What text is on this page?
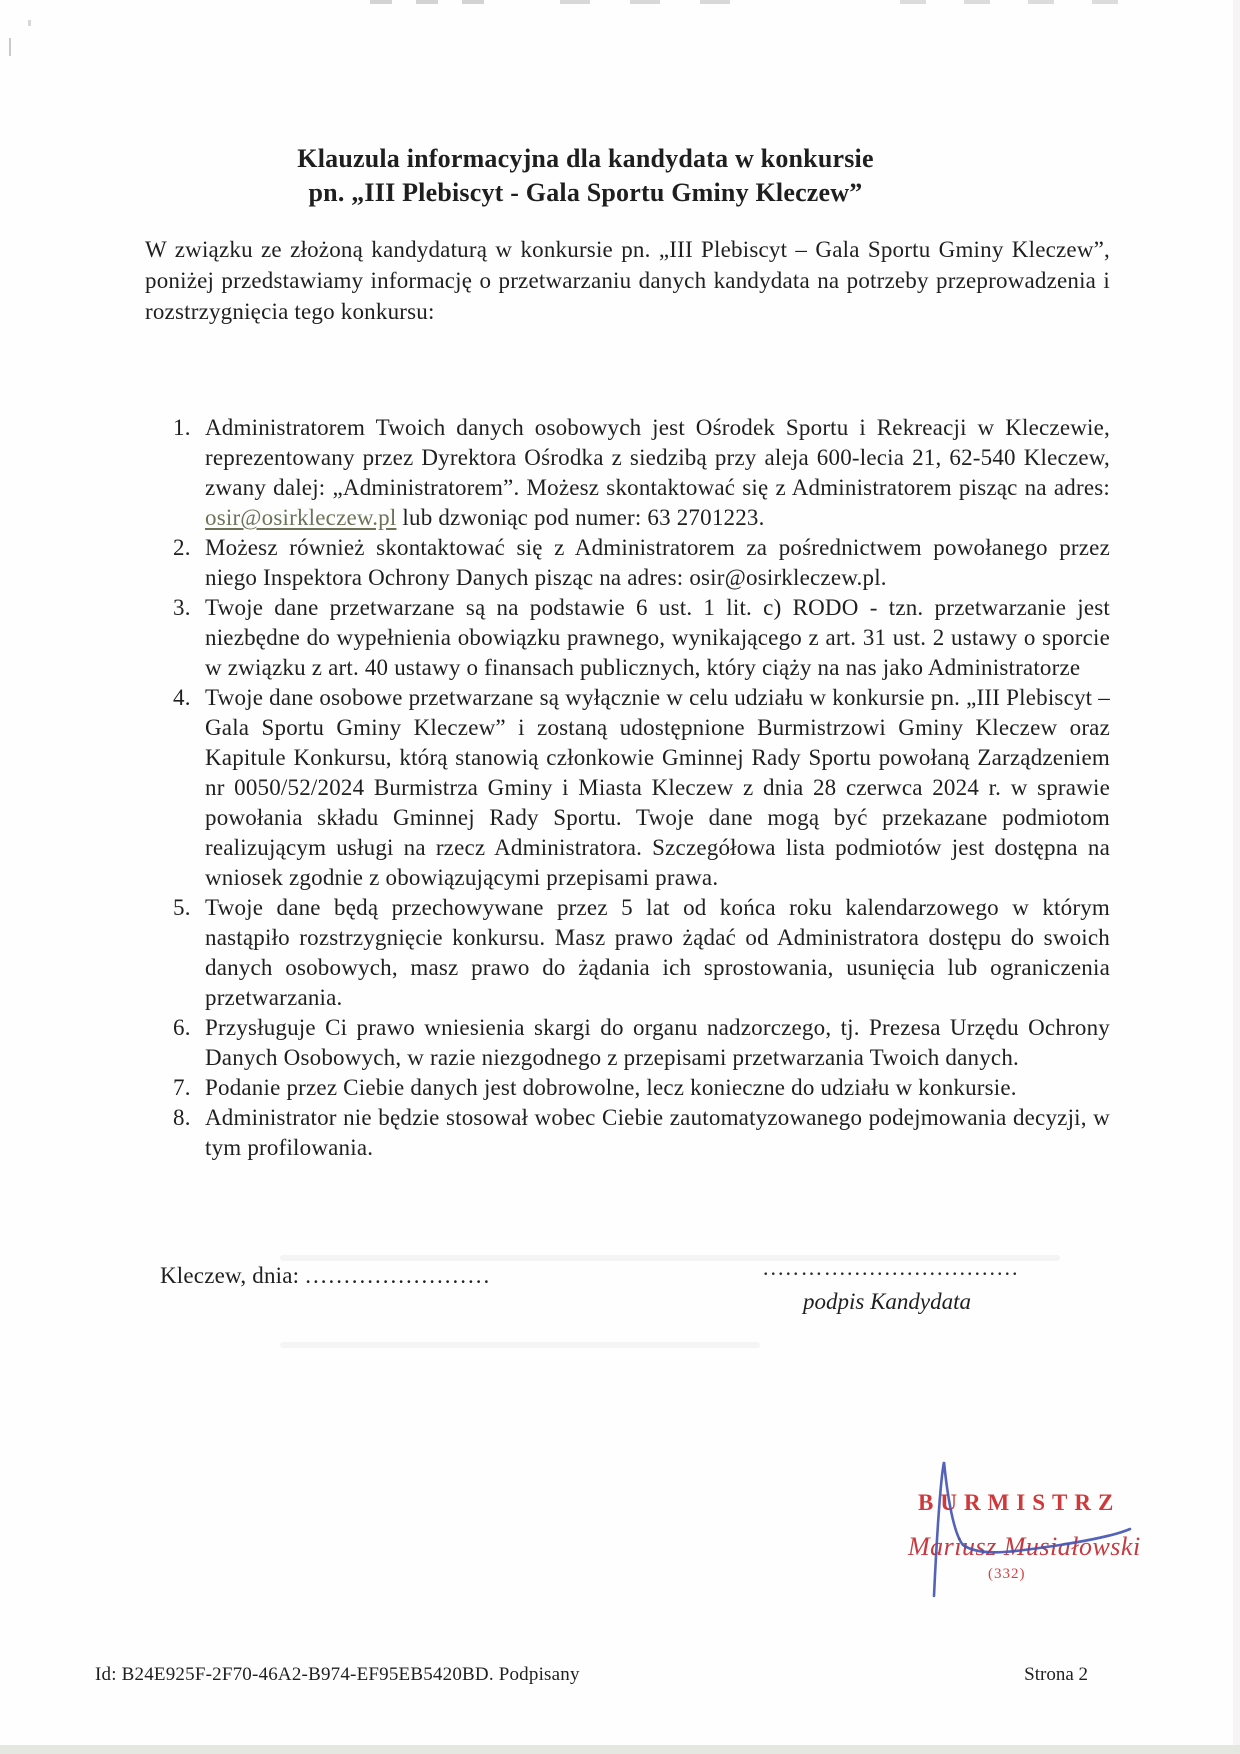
Klauzula informacyjna dla kandydata w konkursie
pn. „III Plebiscyt - Gala Sportu Gminy Kleczew”

W związku ze złożoną kandydaturą w konkursie pn. „III Plebiscyt – Gala Sportu Gminy Kleczew”, poniżej przedstawiamy informację o przetwarzaniu danych kandydata na potrzeby przeprowadzenia i rozstrzygnięcia tego konkursu:

1. Administratorem Twoich danych osobowych jest Ośrodek Sportu i Rekreacji w Kleczewie, reprezentowany przez Dyrektora Ośrodka z siedzibą przy aleja 600-lecia 21, 62-540 Kleczew, zwany dalej: „Administratorem”. Możesz skontaktować się z Administratorem pisząc na adres: osir@osirkleczew.pl lub dzwoniąc pod numer: 63 2701223.
2. Możesz również skontaktować się z Administratorem za pośrednictwem powołanego przez niego Inspektora Ochrony Danych pisząc na adres: osir@osirkleczew.pl.
3. Twoje dane przetwarzane są na podstawie 6 ust. 1 lit. c) RODO - tzn. przetwarzanie jest niezbędne do wypełnienia obowiązku prawnego, wynikającego z art. 31 ust. 2 ustawy o sporcie w związku z art. 40 ustawy o finansach publicznych, który ciąży na nas jako Administratorze
4. Twoje dane osobowe przetwarzane są wyłącznie w celu udziału w konkursie pn. „III Plebiscyt –Gala Sportu Gminy Kleczew” i zostaną udostępnione Burmistrzowi Gminy Kleczew oraz Kapitule Konkursu, którą stanowią członkowie Gminnej Rady Sportu powołaną Zarządzeniem nr 0050/52/2024 Burmistrza Gminy i Miasta Kleczew z dnia 28 czerwca 2024 r. w sprawie powołania składu Gminnej Rady Sportu. Twoje dane mogą być przekazane podmiotom realizującym usługi na rzecz Administratora. Szczegółowa lista podmiotów jest dostępna na wniosek zgodnie z obowiązującymi przepisami prawa.
5. Twoje dane będą przechowywane przez 5 lat od końca roku kalendarzowego w którym nastąpiło rozstrzygnięcie konkursu. Masz prawo żądać od Administratora dostępu do swoich danych osobowych, masz prawo do żądania ich sprostowania, usunięcia lub ograniczenia przetwarzania.
6. Przysługuje Ci prawo wniesienia skargi do organu nadzorczego, tj. Prezesa Urzędu Ochrony Danych Osobowych, w razie niezgodnego z przepisami przetwarzania Twoich danych.
7. Podanie przez Ciebie danych jest dobrowolne, lecz konieczne do udziału w konkursie.
8. Administrator nie będzie stosował wobec Ciebie zautomatyzowanego podejmowania decyzji, w tym profilowania.
Kleczew, dnia: ........................	.....…..........................
podpis Kandydata
BURMISTRZ
Mariusz Musiałowski
(332)
Id: B24E925F-2F70-46A2-B974-EF95EB5420BD. Podpisany	Strona 2
